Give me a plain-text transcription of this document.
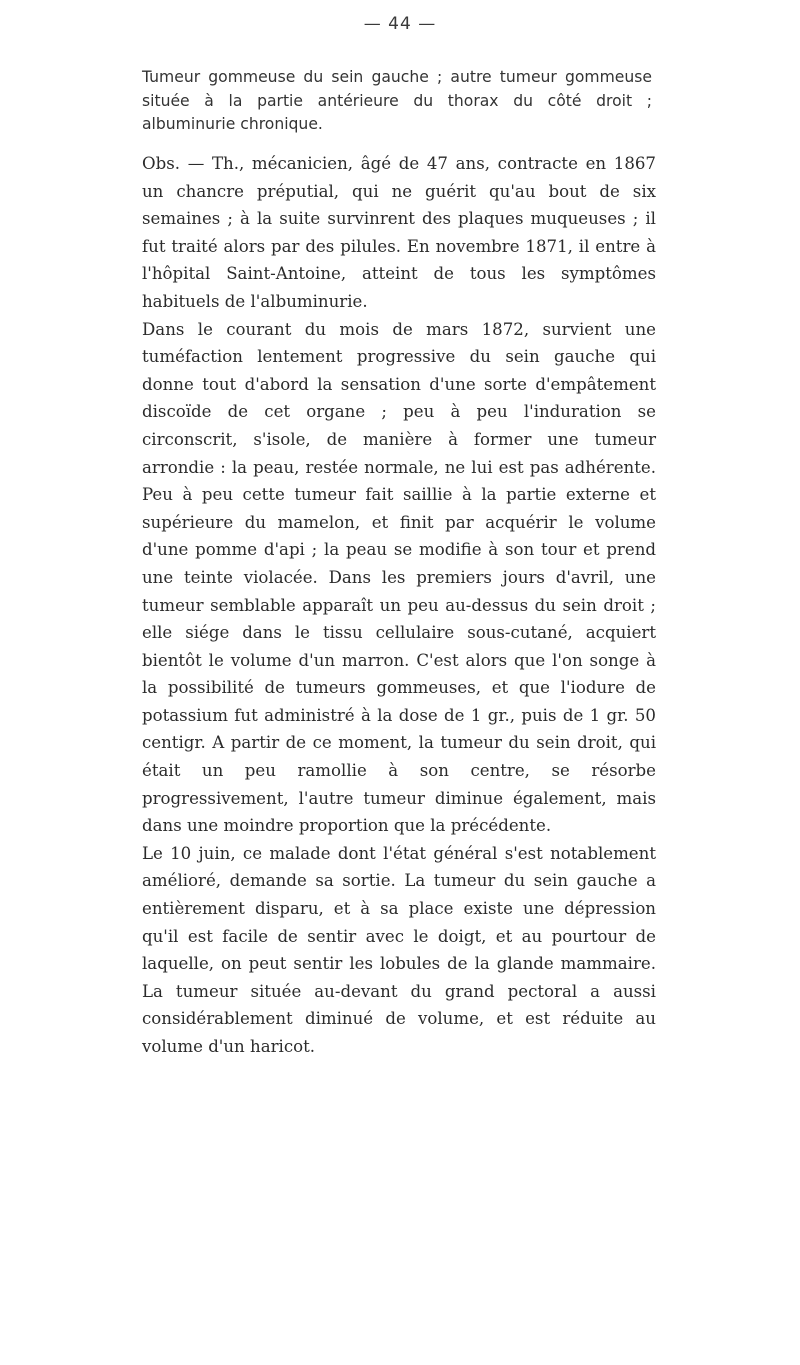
— 44 —
Tumeur gommeuse du sein gauche ; autre tumeur gommeuse située à la partie antérieure du thorax du côté droit ; albuminurie chronique.

Obs. — Th., mécanicien, âgé de 47 ans, contracte en 1867 un chancre préputial, qui ne guérit qu'au bout de six semaines ; à la suite survinrent des plaques muqueuses ; il fut traité alors par des pilules. En novembre 1871, il entre à l'hôpital Saint-Antoine, atteint de tous les symptômes habituels de l'albuminurie.

Dans le courant du mois de mars 1872, survient une tuméfaction lentement progressive du sein gauche qui donne tout d'abord la sensation d'une sorte d'empâtement discoïde de cet organe ; peu à peu l'induration se circonscrit, s'isole, de manière à former une tumeur arrondie : la peau, restée normale, ne lui est pas adhérente. Peu à peu cette tumeur fait saillie à la partie externe et supérieure du mamelon, et finit par acquérir le volume d'une pomme d'api ; la peau se modifie à son tour et prend une teinte violacée. Dans les premiers jours d'avril, une tumeur semblable apparaît un peu au-dessus du sein droit ; elle siége dans le tissu cellulaire sous-cutané, acquiert bientôt le volume d'un marron. C'est alors que l'on songe à la possibilité de tumeurs gommeuses, et que l'iodure de potassium fut administré à la dose de 1 gr., puis de 1 gr. 50 centigr. A partir de ce moment, la tumeur du sein droit, qui était un peu ramollie à son centre, se résorbe progressivement, l'autre tumeur diminue également, mais dans une moindre proportion que la précédente.

Le 10 juin, ce malade dont l'état général s'est notablement amélioré, demande sa sortie. La tumeur du sein gauche a entièrement disparu, et à sa place existe une dépression qu'il est facile de sentir avec le doigt, et au pourtour de laquelle, on peut sentir les lobules de la glande mammaire. La tumeur située au-devant du grand pectoral a aussi considérablement diminué de volume, et est réduite au volume d'un haricot.
